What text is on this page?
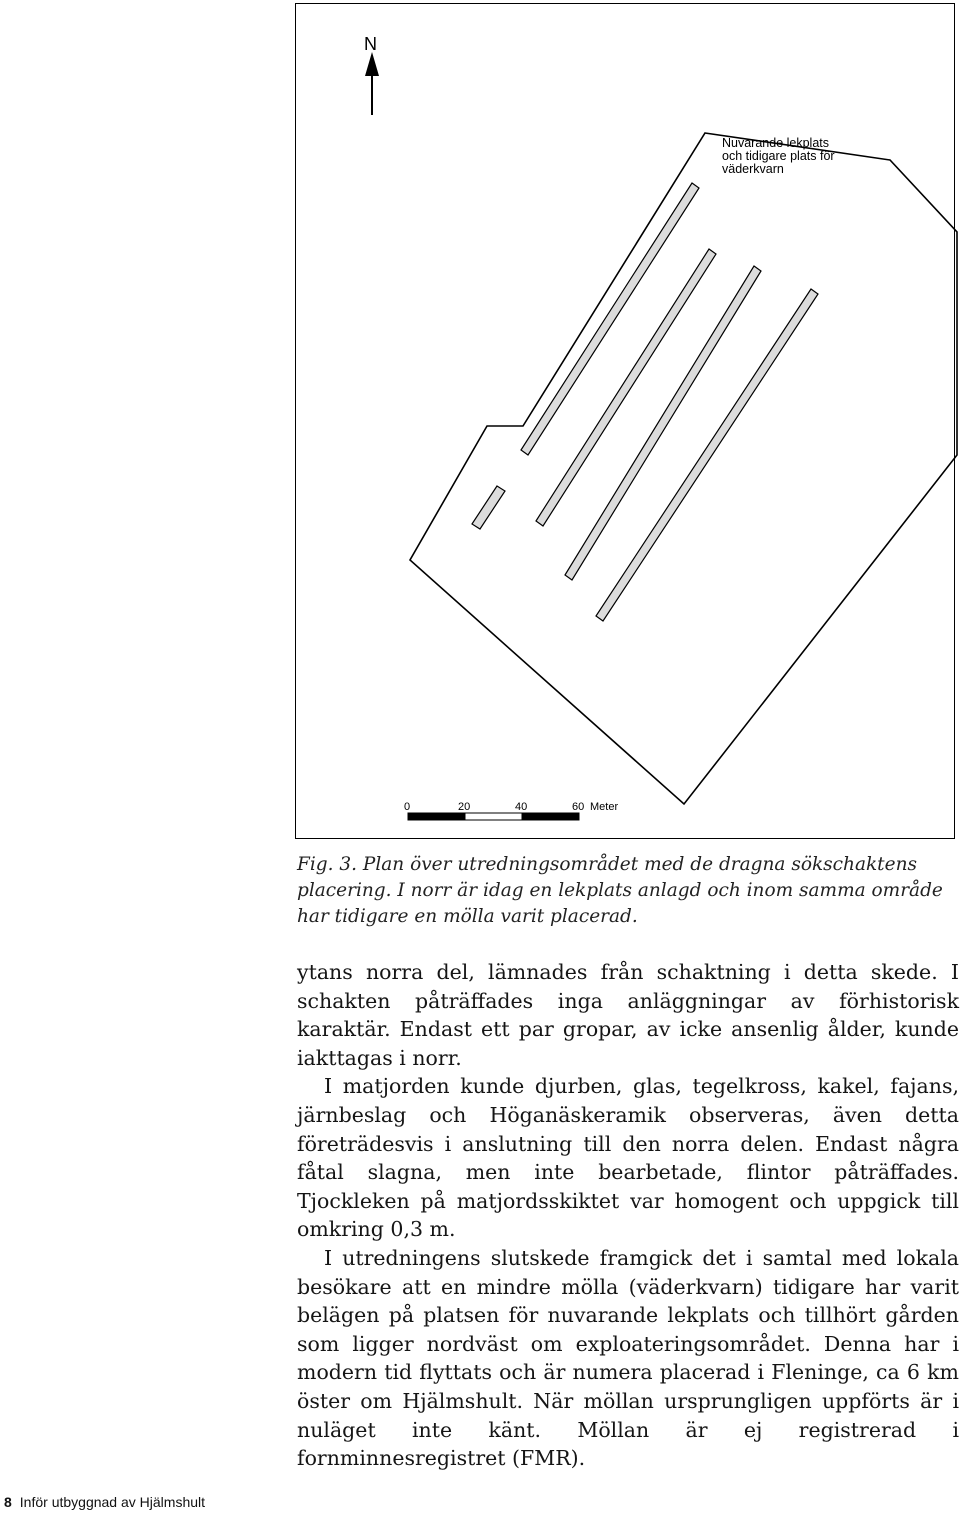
N
Nuvarande lekplats
och tidigare plats för
väderkvarn
0	20	40	60 Meter
Fig. 3. Plan över utredningsområdet med de dragna sökschaktens placering. I norr är idag en lekplats anlagd och inom samma område har tidigare en mölla varit placerad.

ytans norra del, lämnades från schaktning i detta skede. I schakten påträffades inga anläggningar av förhistorisk karaktär. Endast ett par gropar, av icke ansenlig ålder, kunde iakttagas i norr.

I matjorden kunde djurben, glas, tegelkross, kakel, fajans, järnbeslag och Höganäskeramik observeras, även detta företrädesvis i anslutning till den norra delen. Endast några fåtal slagna, men inte bearbetade, flintor påträffades. Tjockleken på matjordsskiktet var homogent och uppgick till omkring 0,3 m.

I utredningens slutskede framgick det i samtal med lokala besökare att en mindre mölla (väderkvarn) tidigare har varit belägen på platsen för nuvarande lekplats och tillhört gården som ligger nordväst om exploateringsområdet. Denna har i modern tid flyttats och är numera placerad i Fleninge, ca 6 km öster om Hjälmshult. När möllan ursprungligen uppförts är i nuläget inte känt. Möllan är ej registrerad i fornminnesregistret (FMR).

8 Inför utbyggnad av Hjälmshult
